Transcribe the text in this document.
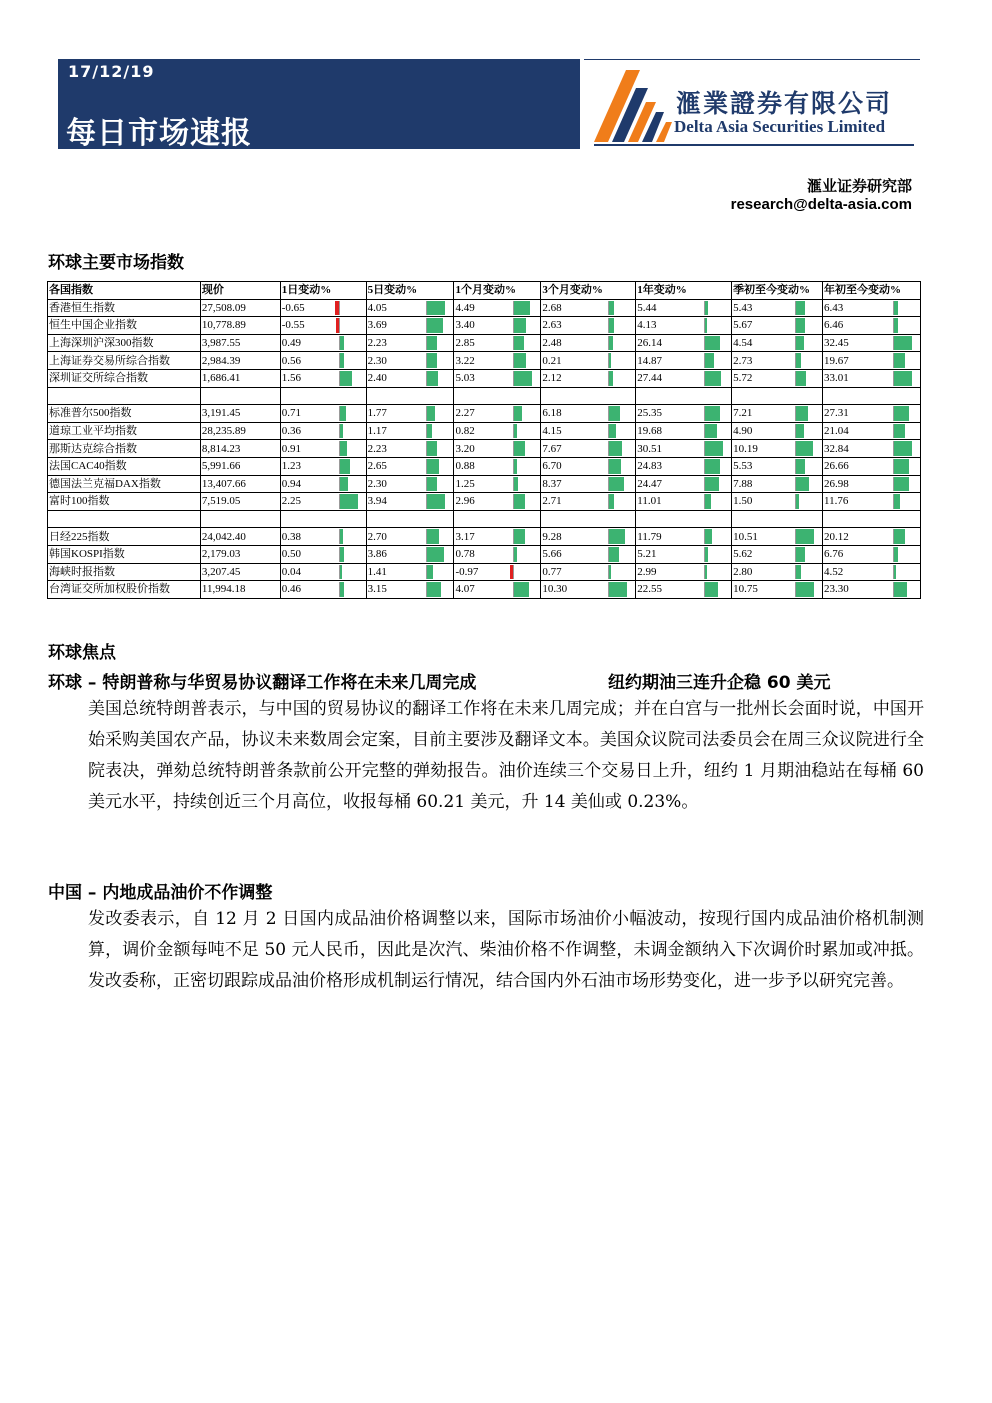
17/12/19
每日市场速报
滙業證券有限公司
Delta Asia Securities Limited
滙业证券研究部
research@delta-asia.com
环球主要市场指数
各国指数	现价	1日变动%	5日变动%	1个月变动%	3个月变动%	1年变动%	季初至今变动%	年初至今变动%
香港恒生指数	27,508.09	-0.65	4.05	4.49	2.68	5.44	5.43	6.43

恒生中国企业指数	10,778.89	-0.55	3.69	3.40	2.63	4.13	5.67	6.46

上海深圳沪深300指数	3,987.55	0.49	2.23	2.85	2.48	26.14	4.54	32.45

上海证券交易所综合指数	2,984.39	0.56	2.30	3.22	0.21	14.87	2.73	19.67

深圳证交所综合指数	1,686.41	1.56	2.40	5.03	2.12	27.44	5.72	33.01

标准普尔500指数	3,191.45	0.71	1.77	2.27	6.18	25.35	7.21	27.31

道琼工业平均指数	28,235.89	0.36	1.17	0.82	4.15	19.68	4.90	21.04

那斯达克综合指数	8,814.23	0.91	2.23	3.20	7.67	30.51	10.19	32.84

法国CAC40指数	5,991.66	1.23	2.65	0.88	6.70	24.83	5.53	26.66

德国法兰克福DAX指数	13,407.66	0.94	2.30	1.25	8.37	24.47	7.88	26.98

富时100指数	7,519.05	2.25	3.94	2.96	2.71	11.01	1.50	11.76

日经225指数	24,042.40	0.38	2.70	3.17	9.28	11.79	10.51	20.12

韩国KOSPI指数	2,179.03	0.50	3.86	0.78	5.66	5.21	5.62	6.76

海峡时报指数	3,207.45	0.04	1.41	-0.97	0.77	2.99	2.80	4.52

台湾证交所加权股价指数	11,994.18	0.46	3.15	4.07	10.30	22.55	10.75	23.30
环球焦点
环球 – 特朗普称与华贸易协议翻译工作将在未来几周完成	纽约期油三连升企稳 60 美元
美国总统特朗普表示，与中国的贸易协议的翻译工作将在未来几周完成；并在白宫与一批州长会面时说，中国开始采购美国农产品，协议未来数周会定案，目前主要涉及翻译文本。美国众议院司法委员会在周三众议院进行全院表决，弹劾总统特朗普条款前公开完整的弹劾报告。油价连续三个交易日上升，纽约 1 月期油稳站在每桶 60 美元水平，持续创近三个月高位，收报每桶 60.21 美元，升 14 美仙或 0.23%。
中国 – 内地成品油价不作调整
发改委表示，自 12 月 2 日国内成品油价格调整以来，国际市场油价小幅波动，按现行国内成品油价格机制测算，调价金额每吨不足 50 元人民币，因此是次汽、柴油价格不作调整，未调金额纳入下次调价时累加或冲抵。发改委称，正密切跟踪成品油价格形成机制运行情况，结合国内外石油市场形势变化，进一步予以研究完善。
